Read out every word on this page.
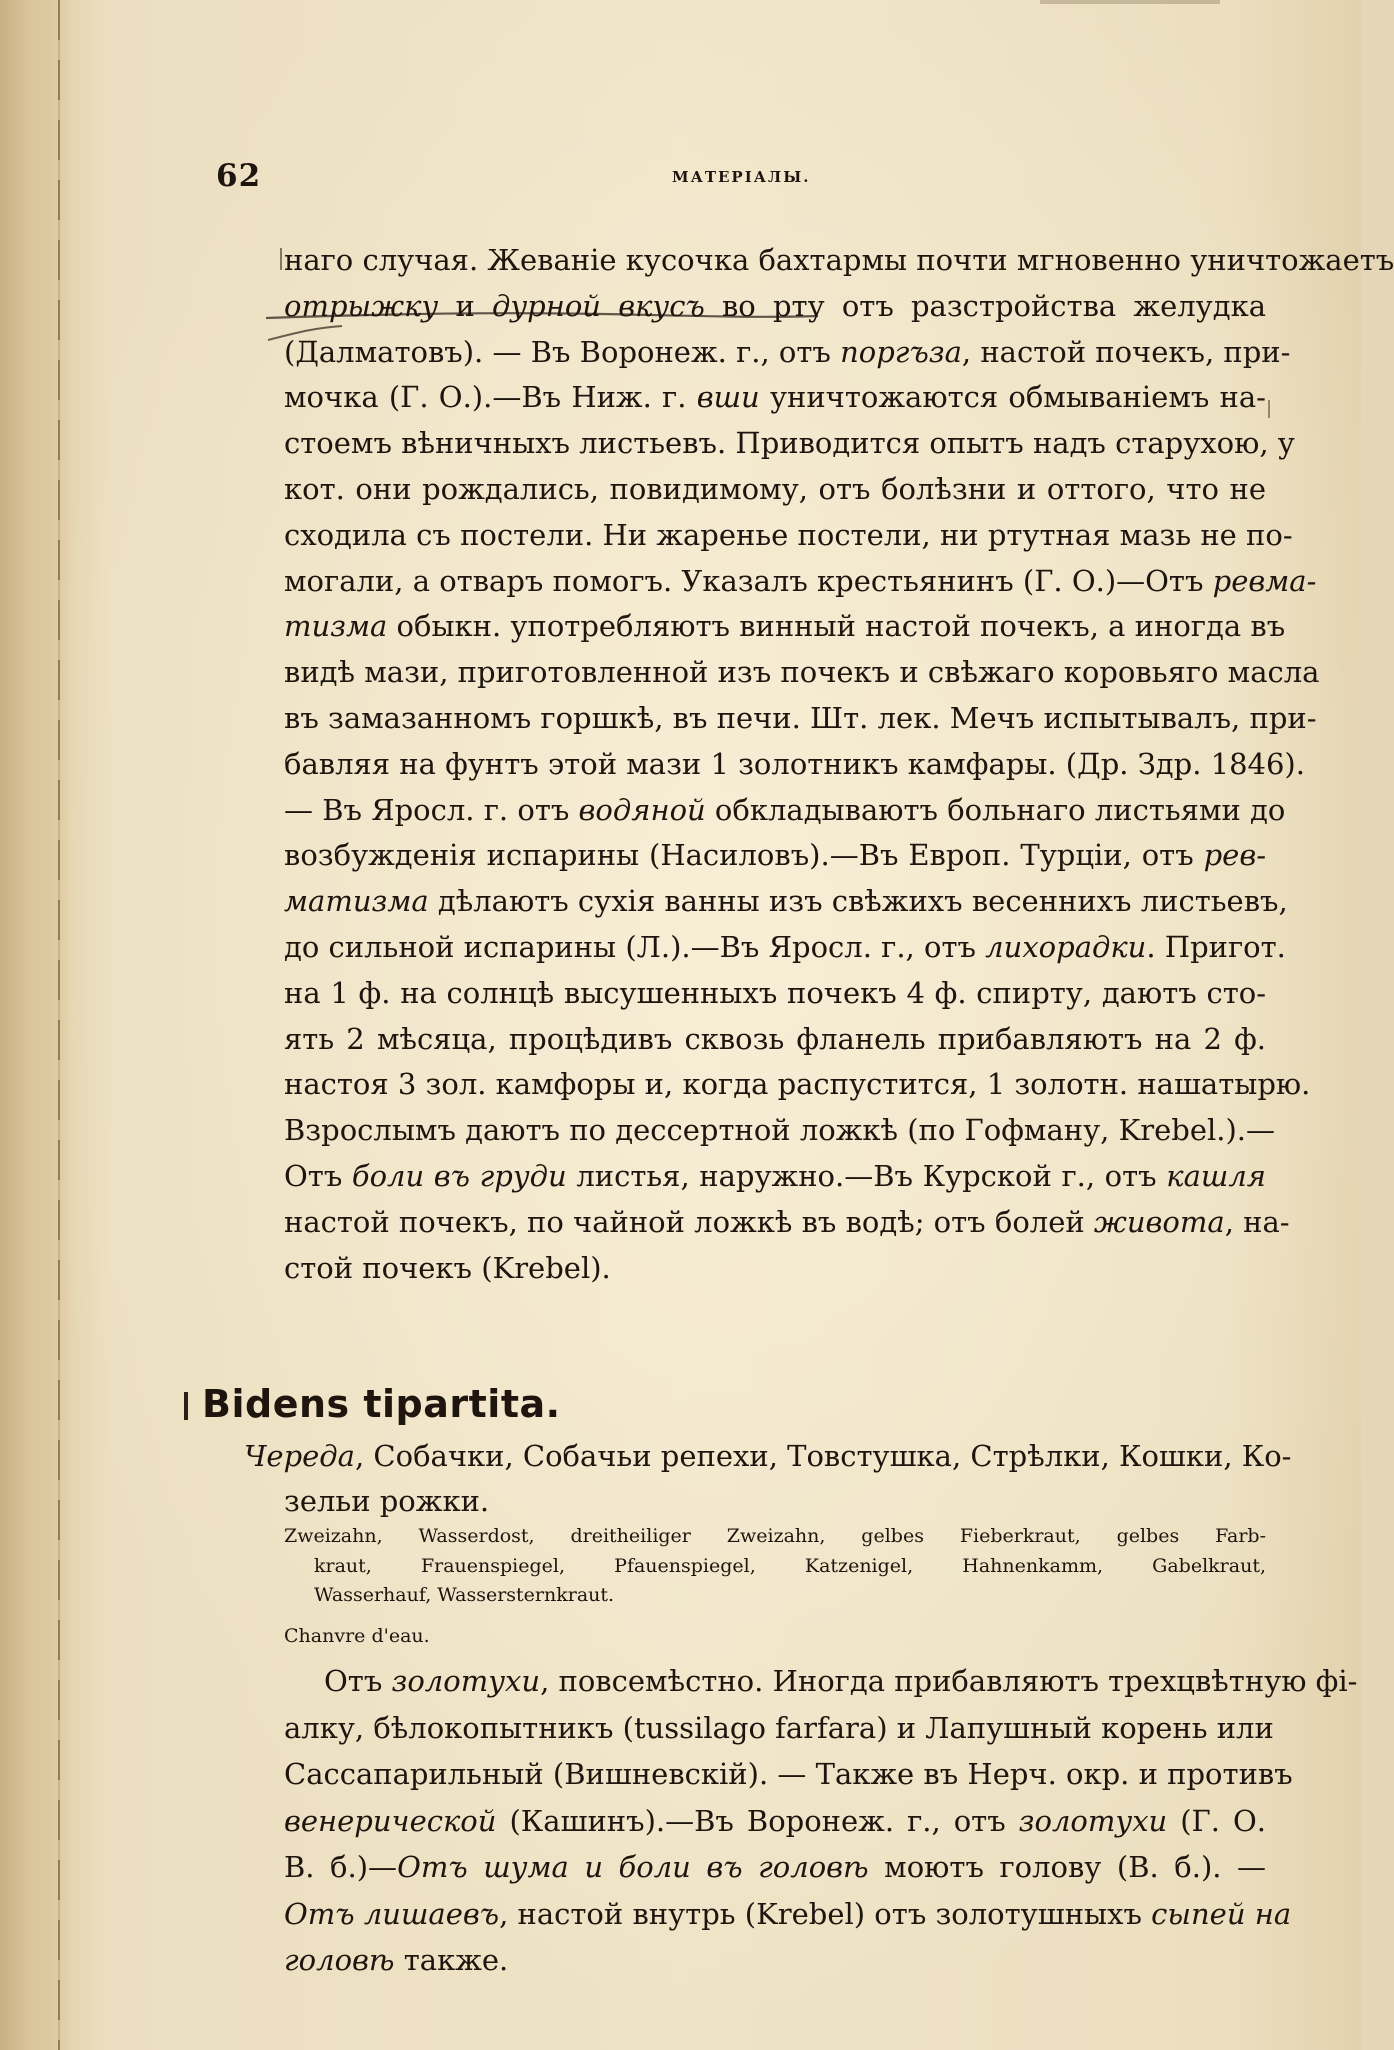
62	МАТЕРІАЛЫ.
наго случая. Жеваніе кусочка бахтармы почти мгновенно уничтожаетъ
отрыжку и дурной вкусъ во рту отъ разстройства желудка
(Далматовъ). — Въ Воронеж. г., отъ поргъза, настой почекъ, при-
мочка (Г. О.).—Въ Ниж. г. вши уничтожаются обмываніемъ на-
стоемъ вѣничныхъ листьевъ. Приводится опытъ надъ старухою, у
кот. они рождались, повидимому, отъ болѣзни и оттого, что не
сходила съ постели. Ни жаренье постели, ни ртутная мазь не по-
могали, а отваръ помогъ. Указалъ крестьянинъ (Г. О.)—Отъ ревма-
тизма обыкн. употребляютъ винный настой почекъ, а иногда въ
видѣ мази, приготовленной изъ почекъ и свѣжаго коровьяго масла
въ замазанномъ горшкѣ, въ печи. Шт. лек. Мечъ испытывалъ, при-
бавляя на фунтъ этой мази 1 золотникъ камфары. (Др. Здр. 1846).
— Въ Яросл. г. отъ водяной обкладываютъ больнаго листьями до
возбужденія испарины (Насиловъ).—Въ Европ. Турціи, отъ рев-
матизма дѣлаютъ сухія ванны изъ свѣжихъ весеннихъ листьевъ,
до сильной испарины (Л.).—Въ Яросл. г., отъ лихорадки. Пригот.
на 1 ф. на солнцѣ высушенныхъ почекъ 4 ф. спирту, даютъ сто-
ять 2 мѣсяца, процѣдивъ сквозь фланель прибавляютъ на 2 ф.
настоя 3 зол. камфоры и, когда распустится, 1 золотн. нашатырю.
Взрослымъ даютъ по дессертной ложкѣ (по Гофману, Krebel.).—
Отъ боли въ груди листья, наружно.—Въ Курской г., отъ кашля
настой почекъ, по чайной ложкѣ въ водѣ; отъ болей живота, на-
стой почекъ (Krebel).
Bidens tipartita.
Череда, Собачки, Собачьи репехи, Товстушка, Стрѣлки, Кошки, Ко-
зельи рожки.
Zweizahn, Wasserdost, dreitheiliger Zweizahn, gelbes Fieberkraut, gelbes Farb-
kraut, Frauenspiegel, Pfauenspiegel, Katzenigel, Hahnenkamm, Gabelkraut,
Wasserhauf, Wassersternkraut.
Chanvre d'eau.
Отъ золотухи, повсемѣстно. Иногда прибавляютъ трехцвѣтную фі-
алку, бѣлокопытникъ (tussilago farfara) и Лапушный корень или
Сассапарильный (Вишневскій). — Также въ Нерч. окр. и противъ
венерической (Кашинъ).—Въ Воронеж. г., отъ золотухи (Г. О.
В. б.)—Отъ шума и боли въ головѣ моютъ голову (В. б.). —
Отъ лишаевъ, настой внутрь (Krebel) отъ золотушныхъ сыпей на
головѣ также.
